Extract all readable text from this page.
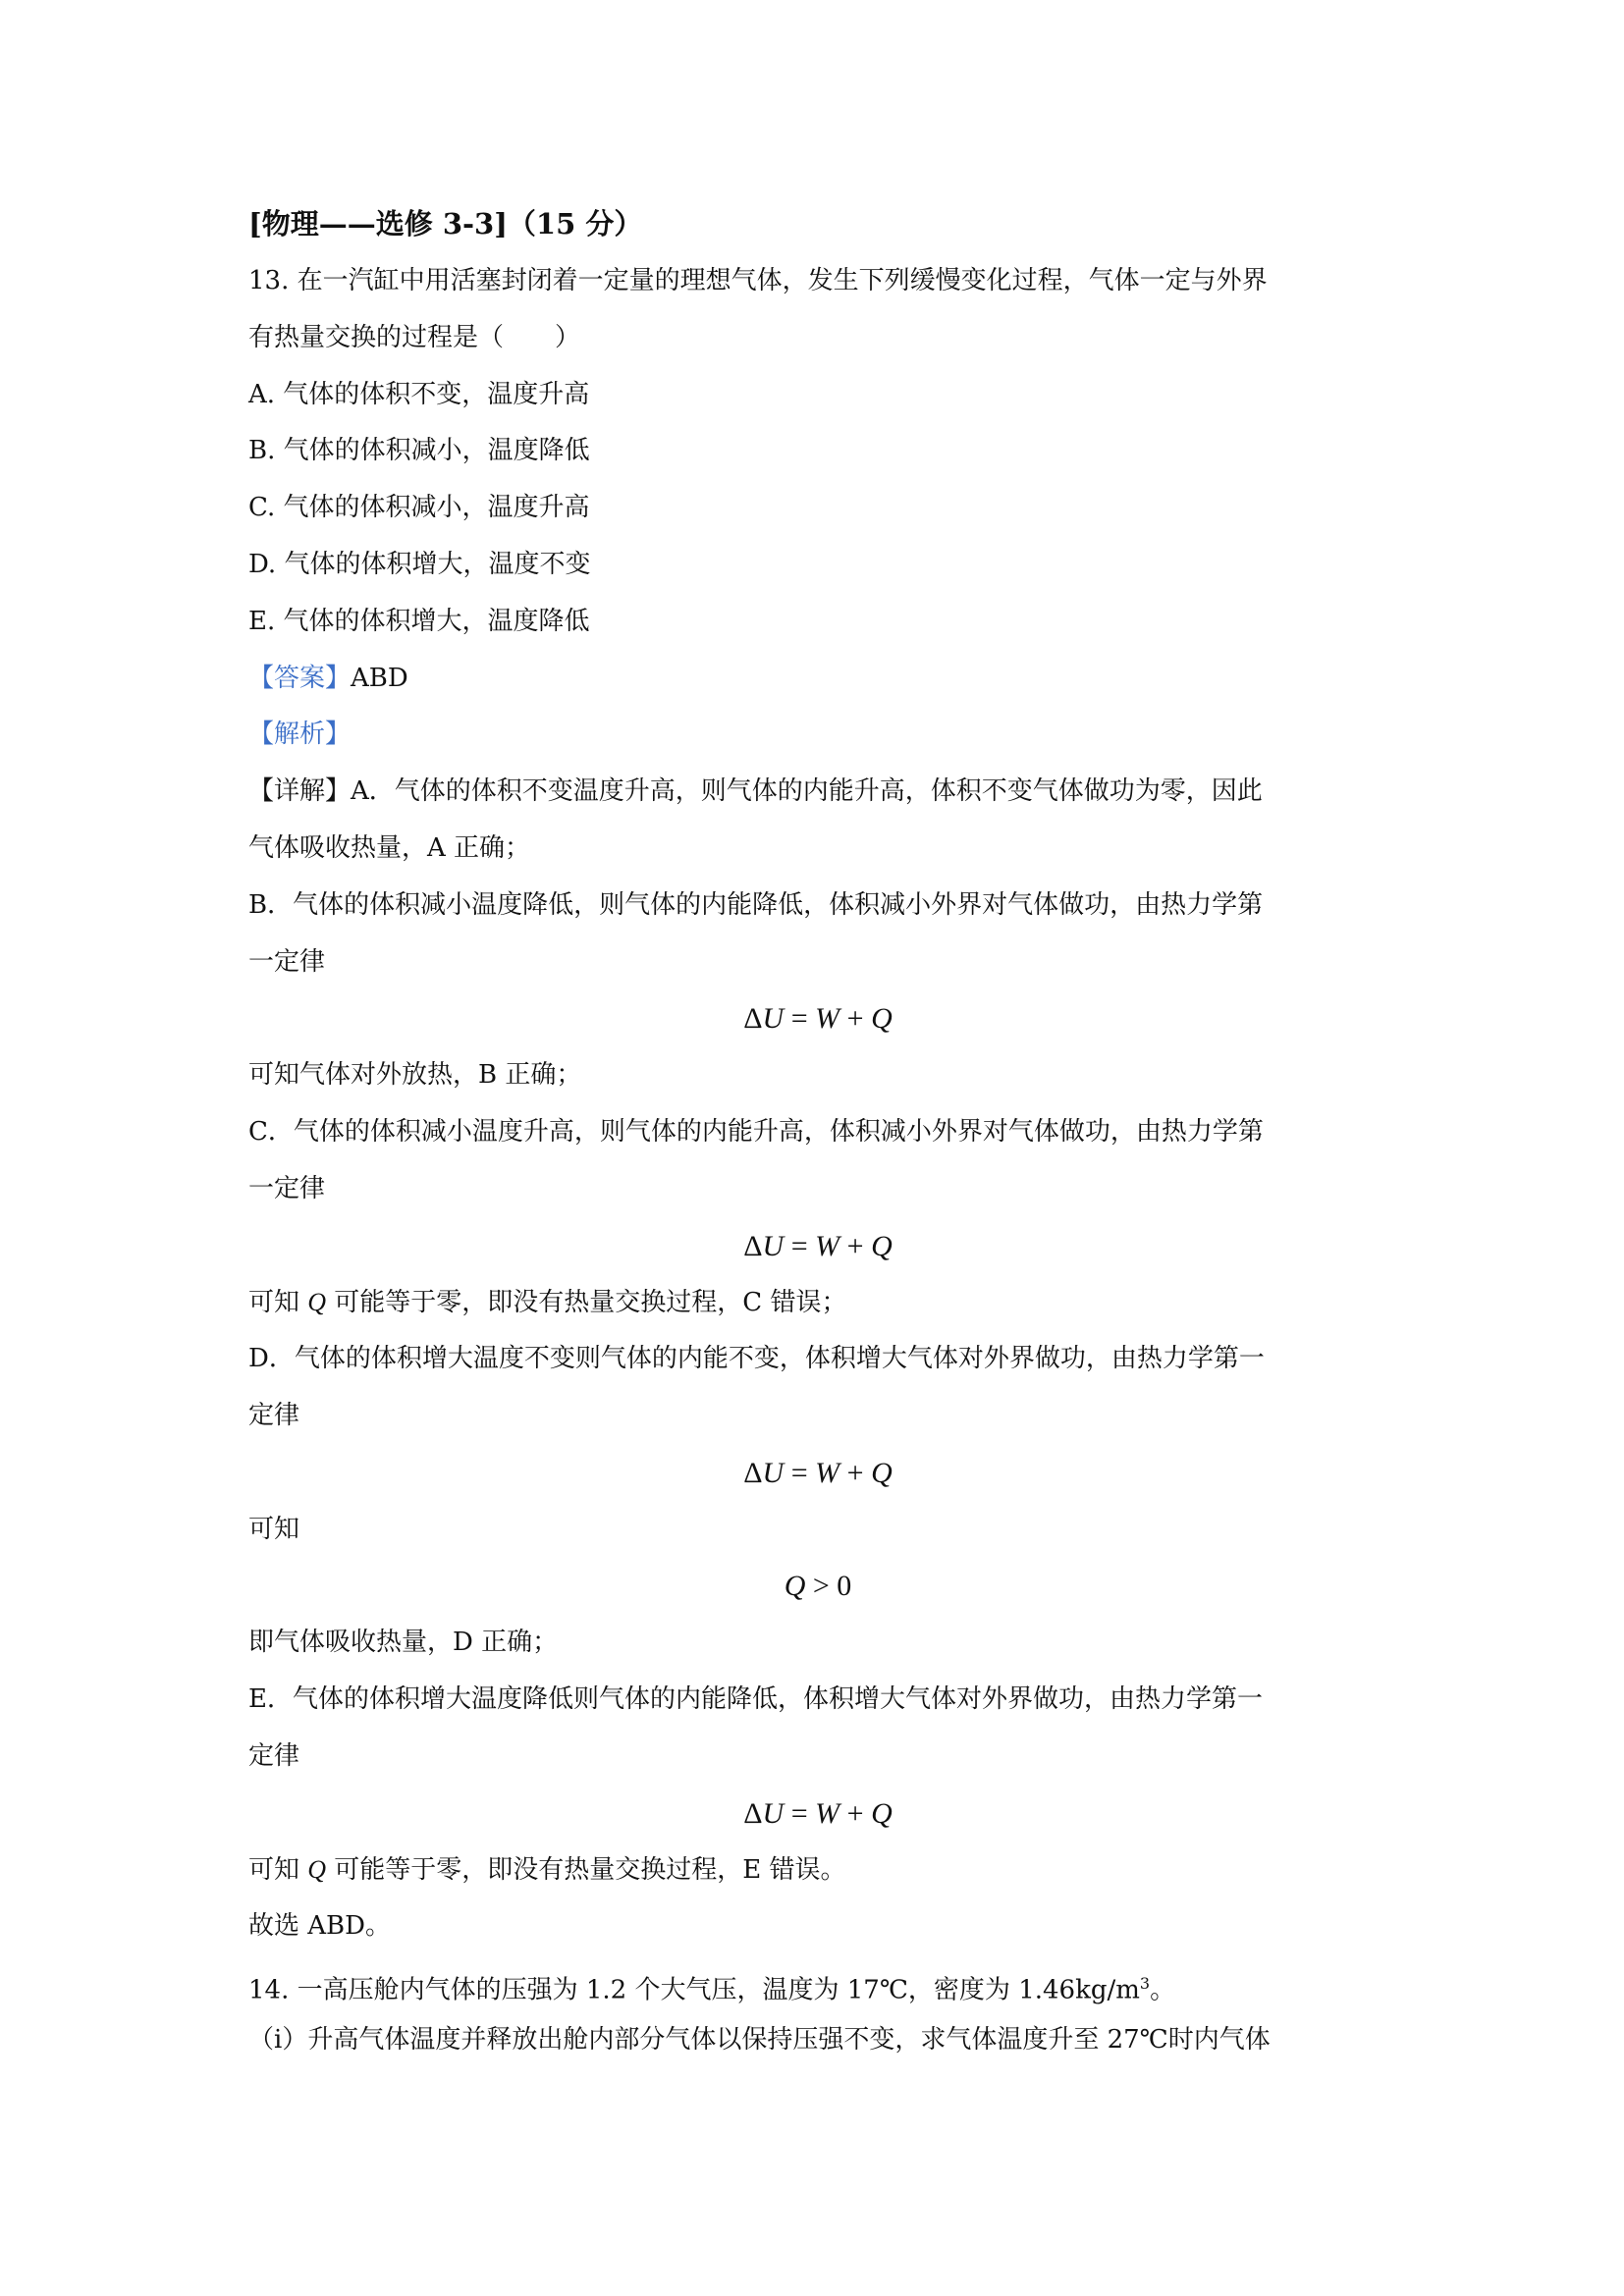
[物理——选修 3-3]（15 分）
13. 在一汽缸中用活塞封闭着一定量的理想气体，发生下列缓慢变化过程，气体一定与外界
有热量交换的过程是（　　）
A. 气体的体积不变，温度升高
B. 气体的体积减小，温度降低
C. 气体的体积减小，温度升高
D. 气体的体积增大，温度不变
E. 气体的体积增大，温度降低
【答案】ABD
【解析】
【详解】A．气体的体积不变温度升高，则气体的内能升高，体积不变气体做功为零，因此
气体吸收热量，A 正确；
B．气体的体积减小温度降低，则气体的内能降低，体积减小外界对气体做功，由热力学第
一定律
ΔU = W + Q
可知气体对外放热，B 正确；
C．气体的体积减小温度升高，则气体的内能升高，体积减小外界对气体做功，由热力学第
一定律
ΔU = W + Q
可知 Q 可能等于零，即没有热量交换过程，C 错误；
D．气体的体积增大温度不变则气体的内能不变，体积增大气体对外界做功，由热力学第一
定律
ΔU = W + Q
可知
Q > 0
即气体吸收热量，D 正确；
E．气体的体积增大温度降低则气体的内能降低，体积增大气体对外界做功，由热力学第一
定律
ΔU = W + Q
可知 Q 可能等于零，即没有热量交换过程，E 错误。
故选 ABD。
14. 一高压舱内气体的压强为 1.2 个大气压，温度为 17℃，密度为 $1.46kg/m^3$。
（i）升高气体温度并释放出舱内部分气体以保持压强不变，求气体温度升至 27℃时内气体
